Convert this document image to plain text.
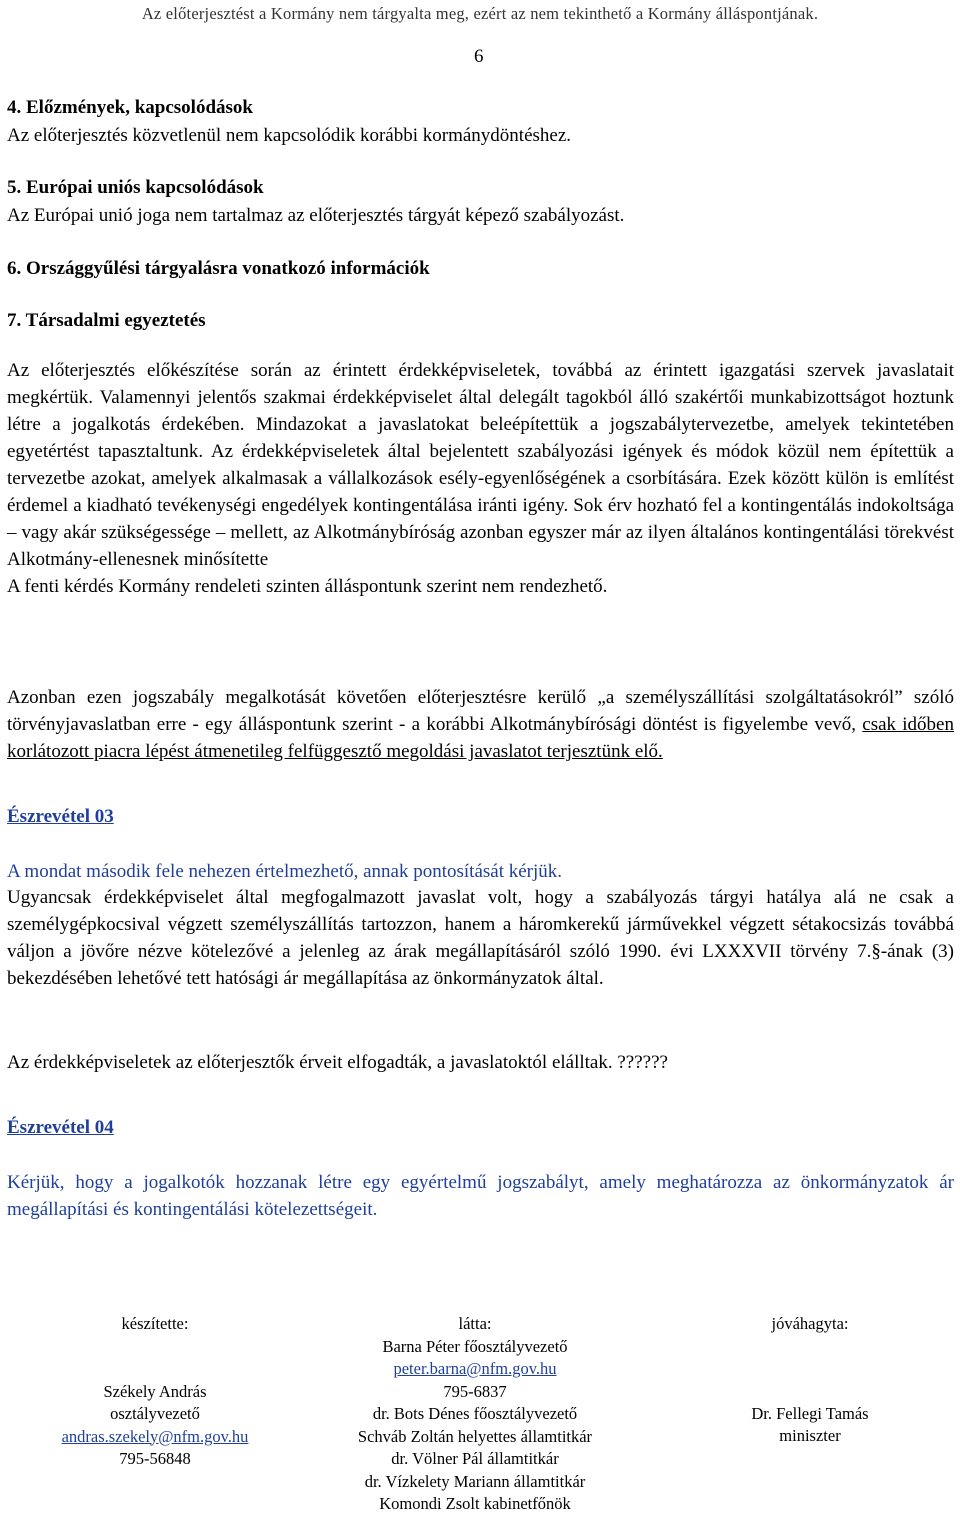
Az előterjesztést a Kormány nem tárgyalta meg, ezért az nem tekinthető a Kormány álláspontjának.
6
4. Előzmények, kapcsolódások
Az előterjesztés közvetlenül nem kapcsolódik korábbi kormánydöntéshez.
5. Európai uniós kapcsolódások
Az Európai unió joga nem tartalmaz az előterjesztés tárgyát képező szabályozást.
6. Országgyűlési tárgyalásra vonatkozó információk
7. Társadalmi egyeztetés

Az előterjesztés előkészítése során az érintett érdekképviseletek, továbbá az érintett igazgatási szervek javaslatait megkértük. Valamennyi jelentős szakmai érdekképviselet által delegált tagokból álló szakértői munkabizottságot hoztunk létre a jogalkotás érdekében. Mindazokat a javaslatokat beleépítettük a jogszabálytervezetbe, amelyek tekintetében egyetértést tapasztaltunk. Az érdekképviseletek által bejelentett szabályozási igények és módok közül nem építettük a tervezetbe azokat, amelyek alkalmasak a vállalkozások esély-egyenlőségének a csorbítására. Ezek között külön is említést érdemel a kiadható tevékenységi engedélyek kontingentálása iránti igény. Sok érv hozható fel a kontingentálás indokoltsága – vagy akár szükségessége – mellett, az Alkotmánybíróság azonban egyszer már az ilyen általános kontingentálási törekvést Alkotmány-ellenesnek minősítette

A fenti kérdés Kormány rendeleti szinten álláspontunk szerint nem rendezhető.

Azonban ezen jogszabály megalkotását követően előterjesztésre kerülő „a személyszállítási szolgáltatásokról” szóló törvényjavaslatban erre - egy álláspontunk szerint - a korábbi Alkotmánybírósági döntést is figyelembe vevő, csak időben korlátozott piacra lépést átmenetileg felfüggesztő megoldási javaslatot terjesztünk elő.

Észrevétel 03
A mondat második fele nehezen értelmezhető, annak pontosítását kérjük.

Ugyancsak érdekképviselet által megfogalmazott javaslat volt, hogy a szabályozás tárgyi hatálya alá ne csak a személygépkocsival végzett személyszállítás tartozzon, hanem a háromkerekű járművekkel végzett sétakocsizás továbbá váljon a jövőre nézve kötelezővé a jelenleg az árak megállapításáról szóló 1990. évi LXXXVII törvény 7.§-ának (3) bekezdésében lehetővé tett hatósági ár megállapítása az önkormányzatok által.

Az érdekképviseletek az előterjesztők érveit elfogadták, a javaslatoktól elálltak. ??????
Észrevétel 04

Kérjük, hogy a jogalkotók hozzanak létre egy egyértelmű jogszabályt, amely meghatározza az önkormányzatok ár megállapítási és kontingentálási kötelezettségeit.

készítette:
Székely András
osztályvezető
andras.szekely@nfm.gov.hu
795-56848
látta:
Barna Péter főosztályvezető
peter.barna@nfm.gov.hu
795-6837
dr. Bots Dénes főosztályvezető
Schváb Zoltán helyettes államtitkár
dr. Völner Pál államtitkár
dr. Vízkelety Mariann államtitkár
Komondi Zsolt kabinetfőnök
jóváhagyta:
Dr. Fellegi Tamás
miniszter
